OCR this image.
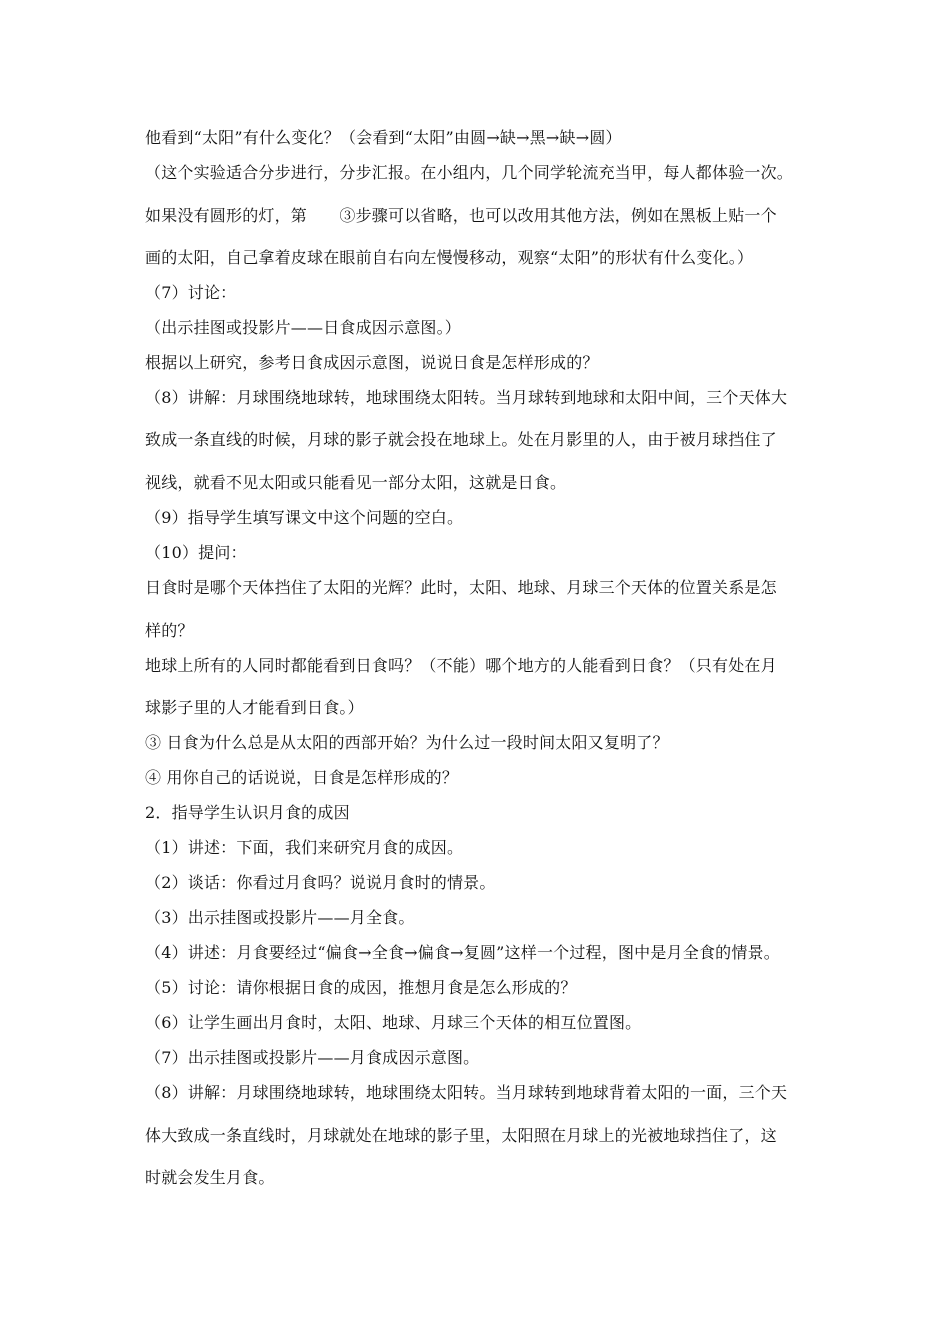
他看到“太阳”有什么变化？（会看到“太阳”由圆→缺→黑→缺→圆）
（这个实验适合分步进行，分步汇报。在小组内，几个同学轮流充当甲，每人都体验一次。
如果没有圆形的灯，第　　③步骤可以省略，也可以改用其他方法，例如在黑板上贴一个
画的太阳，自己拿着皮球在眼前自右向左慢慢移动，观察“太阳”的形状有什么变化。）
（7）讨论：
（出示挂图或投影片——日食成因示意图。）
根据以上研究，参考日食成因示意图，说说日食是怎样形成的？
（8）讲解：月球围绕地球转，地球围绕太阳转。当月球转到地球和太阳中间，三个天体大
致成一条直线的时候，月球的影子就会投在地球上。处在月影里的人，由于被月球挡住了
视线，就看不见太阳或只能看见一部分太阳，这就是日食。
（9）指导学生填写课文中这个问题的空白。
（10）提问：
日食时是哪个天体挡住了太阳的光辉？此时，太阳、地球、月球三个天体的位置关系是怎
样的？
地球上所有的人同时都能看到日食吗？（不能）哪个地方的人能看到日食？（只有处在月
球影子里的人才能看到日食。）
③ 日食为什么总是从太阳的西部开始？为什么过一段时间太阳又复明了？
④ 用你自己的话说说，日食是怎样形成的？
2．指导学生认识月食的成因
（1）讲述：下面，我们来研究月食的成因。
（2）谈话：你看过月食吗？说说月食时的情景。
（3）出示挂图或投影片——月全食。
（4）讲述：月食要经过“偏食→全食→偏食→复圆”这样一个过程，图中是月全食的情景。
（5）讨论：请你根据日食的成因，推想月食是怎么形成的？
（6）让学生画出月食时，太阳、地球、月球三个天体的相互位置图。
（7）出示挂图或投影片——月食成因示意图。
（8）讲解：月球围绕地球转，地球围绕太阳转。当月球转到地球背着太阳的一面，三个天
体大致成一条直线时，月球就处在地球的影子里，太阳照在月球上的光被地球挡住了，这
时就会发生月食。
